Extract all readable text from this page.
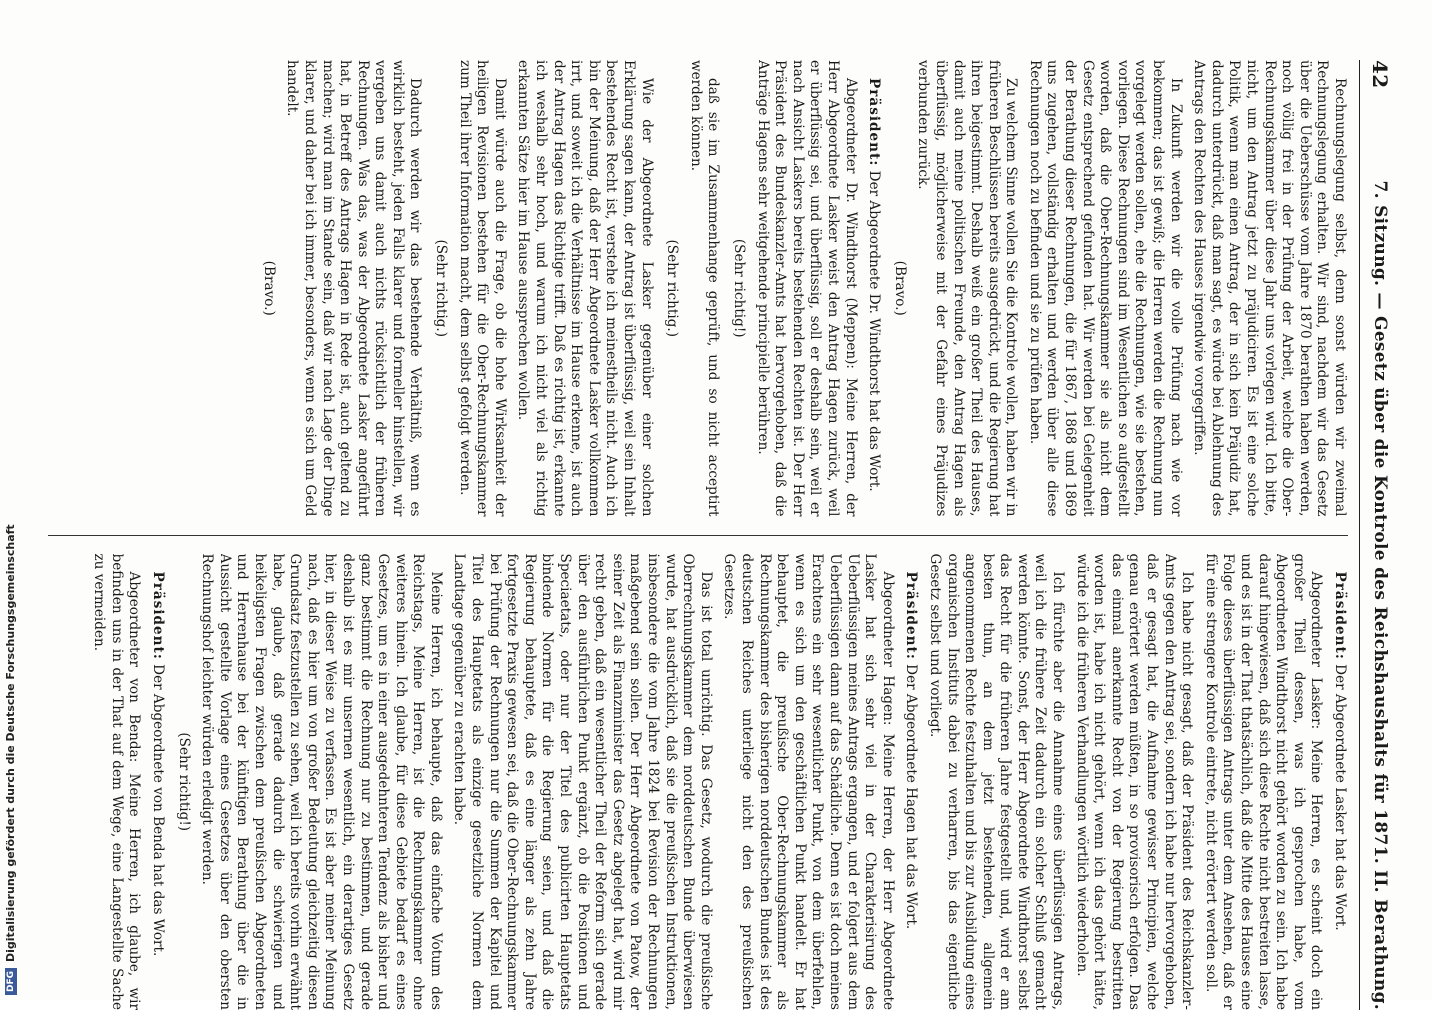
42
7. Sitzung. — Gesetz über die Kontrole des Reichshaushalts für 1871. II. Berathung.

Rechnungslegung selbst, denn sonst würden wir zweimal Rechnungslegung erhalten. Wir sind, nachdem wir das Gesetz über die Ueberschüsse vom Jahre 1870 berathen haben werden, noch völlig frei in der Prüfung der Arbeit, welche die Ober-Rechnungskammer über diese Jahr uns vorlegen wird. Ich bitte, nicht, um den Antrag jetzt zu präjudiciren. Es ist eine solche Politik, wenn man einen Antrag, der in sich kein Präjudiz hat, dadurch unterdrückt, daß man sagt, es würde bei Ablehnung des Antrags den Rechten des Hauses irgendwie vorgegriffen.

In Zukunft werden wir die volle Prüfung nach wie vor bekommen; das ist gewiß; die Herren werden die Rechnung nun vorgelegt werden sollen, ehe die Rechnungen, wie sie bestehen, vorliegen. Diese Rechnungen sind im Wesentlichen so aufgestellt worden, daß die Ober-Rechnungskammer sie als nicht dem Gesetz entsprechend gefunden hat. Wir werden bei Gelegenheit der Berathung dieser Rechnungen, die für 1867, 1868 und 1869 uns zugehen, vollständig erhalten und werden über alle diese Rechnungen noch zu befinden und sie zu prüfen haben.

Zu welchem Sinne wollen Sie die Kontrole wollen, haben wir in früheren Beschlüssen bereits ausgedrückt, und die Regierung hat ihren beigestimmt. Deshalb weiß ein großer Theil des Hauses, damit auch meine politischen Freunde, den Antrag Hagen als überflüssig, möglicherweise mit der Gefahr eines Präjudizes verbunden zurück.

(Bravo.)

Präsident: Der Abgeordnete Dr. Windthorst hat das Wort.

Abgeordneter Dr. Windthorst (Meppen): Meine Herren, der Herr Abgeordnete Lasker weist den Antrag Hagen zurück, weil er überflüssig sei, und überflüssig, soll er deshalb sein, weil er nach Ansicht Laskers bereits bestehenden Rechten ist. Der Herr Präsident des Bundeskanzler-Amts hat hervorgehoben, daß die Anträge Hagens sehr weitgehende principielle berühren.

(Sehr richtig!)

daß sie im Zusammenhange geprüft, und so nicht acceptirt werden können.

(Sehr richtig.)

Wie der Abgeordnete Lasker gegenüber einer solchen Erklärung sagen kann, der Antrag ist überflüssig, weil sein Inhalt bestehendes Recht ist, verstehe ich meinestheils nicht. Auch ich bin der Meinung, daß der Herr Abgeordnete Lasker vollkommen irrt, und soweit ich die Verhältnisse im Hause erkenne, ist auch der Antrag Hagen das Richtige trifft. Daß es richtig ist, erkannte ich weshalb sehr hoch, und warum ich nicht viel als richtig erkannten Sätze hier im Hause aussprechen wollen.

Damit würde auch die Frage, ob die hohe Wirksamkeit der heiligen Revisionen bestehen für die Ober-Rechnungskammer zum Theil ihrer Information macht, dem selbst gefolgt werden.

(Sehr richtig.)

Dadurch werden wir das bestehende Verhältniß, wenn es wirklich besteht, jeden Falls klarer und formeller hinstellen, wir vergeben uns damit auch nichts rücksichtlich der früheren Rechnungen. Was das, was der Abgeordnete Lasker angeführt hat, in Betreff des Antrags Hagen in Rede ist, auch geltend zu machen; wird man im Stande sein, daß wir nach Lage der Dinge klarer, und daher bei ich immer, besonders, wenn es sich um Geld handelt.

(Bravo.)

Präsident: Der Abgeordnete Lasker hat das Wort.

Abgeordneter Lasker: Meine Herren, es scheint doch ein großer Theil dessen, was ich gesprochen habe, vom Abgeordneten Windthorst nicht gehört worden zu sein. Ich habe darauf hingewiesen, daß sich diese Rechte nicht bestreiten lasse, und es ist in der That thatsächlich, daß die Mitte des Hauses eine Folge dieses überflüssigen Antrags unter dem Ansehen, daß er für eine strengere Kontrole eintrete, nicht erörtert werden soll.

Ich habe nicht gesagt, daß der Präsident des Reichskanzler-Amts gegen den Antrag sei, sondern ich habe nur hervorgehoben, daß er gesagt hat, die Aufnahme gewisser Principien, welche genau erörtert werden müßten, in so provisorisch erfolgen. Das das einmal anerkannte Recht von der Regierung bestritten worden ist, habe ich nicht gehört, wenn ich das gehört hätte, würde ich die früheren Verhandlungen wörtlich wiederholen.

Ich fürchte aber die Annahme eines überflüssigen Antrags, weil ich die frühere Zeit dadurch ein solcher Schluß gemacht werden könnte. Sonst, der Herr Abgeordnete Windthorst selbst das Recht für die früheren Jahre festgestellt und, wird er am besten thun, an dem jetzt bestehenden, allgemein angenommenen Rechte festzuhalten und bis zur Ausbildung eines organischen Instituts dabei zu verharren, bis das eigentliche Gesetz selbst und vorliegt.

Präsident: Der Abgeordnete Hagen hat das Wort.

Abgeordneter Hagen: Meine Herren, der Herr Abgeordnete Lasker hat sich sehr viel in der Charakterisirung des Ueberflüssigen meines Antrags ergangen, und er folgert aus dem Ueberflüssigen dann auf das Schädliche. Denn es ist doch meines Erachtens ein sehr wesentlicher Punkt, von dem überfehlen, wenn es sich um den geschäftlichen Punkt handelt. Er hat behauptet, die preußische Ober-Rechnungskammer als Rechnungskammer des bisherigen norddeutschen Bundes ist des deutschen Reiches unterliege nicht den des preußischen Gesetzes.

Das ist total unrichtig. Das Gesetz, wodurch die preußische Oberrechnungskammer dem norddeutschen Bunde überwiesen wurde, hat ausdrücklich, daß sie die preußischen Instruktionen, insbesondere die vom Jahre 1824 bei Revision der Rechnungen maßgebend sein sollen. Der Herr Abgeordnete von Patow, der seiner Zeit als Finanzminister das Gesetz abgelegt hat, wird mir recht geben, daß ein wesentlicher Theil der Reform sich gerade über den ausführlichen Punkt ergänzt, ob die Positionen und Speciaetats, oder nur der Titel des publicirten Hauptetats bindende Normen für die Regierung seien, und daß die Regierung behauptete, daß es eine länger als zehn Jahre fortgesetzte Praxis gewesen sei, daß die Ober-Rechnungskammer bei Prüfung der Rechnungen nur die Summen der Kapitel und Titel des Hauptetats als einzige gesetzliche Normen dem Landtage gegenüber zu erachten habe.

Meine Herren, ich behaupte, daß das einfache Votum des Reichstags, Meine Herren, ist die Rechnungskammer ohne weiteres hinein. Ich glaube, für diese Gebiete bedarf es eines Gesetzes, um es in einer ausgedehnteren Tendenz als bisher und ganz bestimmt die Rechnung nur zu bestimmen, und gerade deshalb ist es mir unsernen wesentlich, ein derartiges Gesetz hier, in dieser Weise zu verfassen. Es ist aber meiner Meinung nach, daß es hier um von großer Bedeutung gleichzeitig diesen Grundsatz festzustellen zu sehen, weil ich bereits vorhin erwähnt habe, glaube, daß gerade dadurch die schwierigen und heikeligsten Fragen zwischen dem preußischen Abgeordneten und Herrenhause bei der künftigen Berathung über die in Aussicht gestellte Vorlage eines Gesetzes über den obersten Rechnungshof leichter würden erledigt werden.

(Sehr richtig!)

Präsident: Der Abgeordnete von Benda hat das Wort.

Abgeordneter von Benda: Meine Herren, ich glaube, wir befinden uns in der That auf dem Wege, eine Langestellte Sache zu vermeiden.

DFG
Digitalisierung gefördert durch die Deutsche Forschungsgemeinschaft
